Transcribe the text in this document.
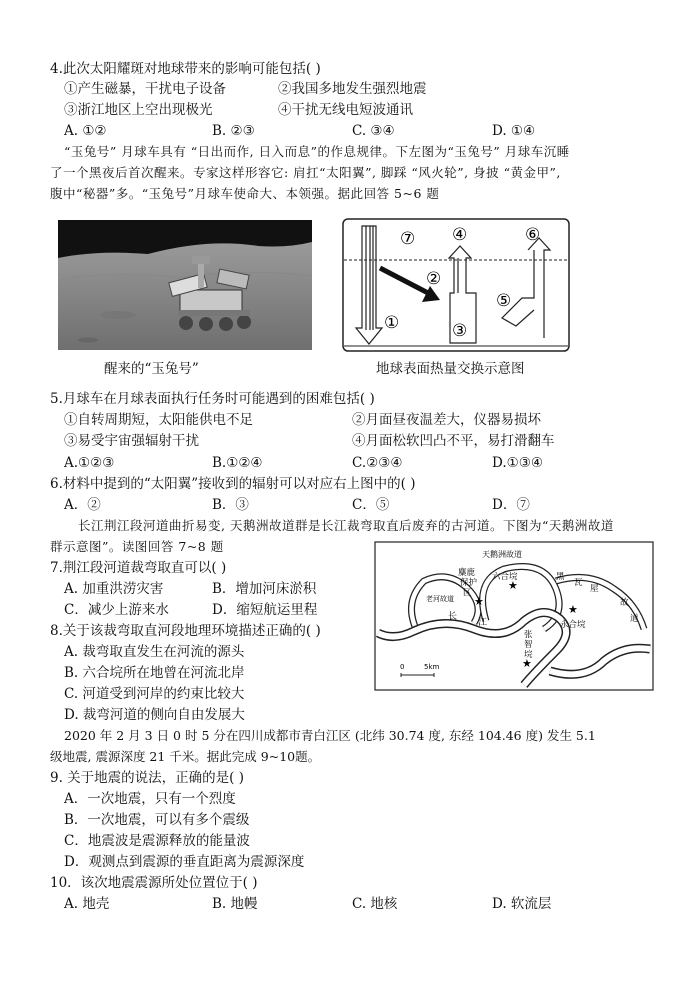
4.此次太阳耀斑对地球带来的影响可能包括( )
①产生磁暴，干扰电子设备	②我国多地发生强烈地震
③浙江地区上空出现极光	④干扰无线电短波通讯
A. ①②	B. ②③	C. ③④	D. ①④
“玉兔号” 月球车具有 “日出而作, 日入而息”的作息规律。下左图为“玉兔号” 月球车沉睡
了一个黑夜后首次醒来。专家这样形容它: 肩扛“太阳翼”, 脚踩 “风火轮”, 身披 “黄金甲”,
腹中“秘器”多。“玉兔号”月球车使命大、本领强。据此回答 5~6 题
醒来的“玉兔号”
⑦ ④	⑥
②
⑤
①	③
地球表面热量交换示意图
5.月球车在月球表面执行任务时可能遇到的困难包括( )
①自转周期短，太阳能供电不足	②月面昼夜温差大，仪器易损坏
③易受宇宙强辐射干扰	④月面松软凹凸不平，易打滑翻车
A.①②③	B.①②④	C.②③④	D.①③④
6.材料中提到的“太阳翼”接收到的辐射可以对应右上图中的( )
A．②	B．③	C．⑤	D．⑦
长江荆江段河道曲折易变, 天鹅洲故道群是长江裁弯取直后废弃的古河道。下图为“天鹅洲故道
群示意图”。读图回答 7~8 题
★
★
★
★
天鹅洲故道
麋鹿
保护
区
老河故道
六合垸	黑
瓦
屋
故
道
长
江	永合垸
张
智
垸
0	5km
7.荆江段河道裁弯取直可以( )
A. 加重洪涝灾害	B．增加河床淤积
C．减少上游来水	D．缩短航运里程
8.关于该裁弯取直河段地理环境描述正确的( )
A. 裁弯取直发生在河流的源头
B. 六合垸所在地曾在河流北岸
C. 河道受到河岸的约束比较大
D. 裁弯河道的侧向自由发展大
2020 年 2 月 3 日 0 时 5 分在四川成都市青白江区 (北纬 30.74 度, 东经 104.46 度) 发生 5.1
级地震, 震源深度 21 千米。据此完成 9~10题。
9. 关于地震的说法，正确的是( )
A．一次地震，只有一个烈度
B．一次地震，可以有多个震级
C．地震波是震源释放的能量波
D．观测点到震源的垂直距离为震源深度
10．该次地震震源所处位置位于( )
A. 地壳	B. 地幔	C. 地核	D. 软流层
